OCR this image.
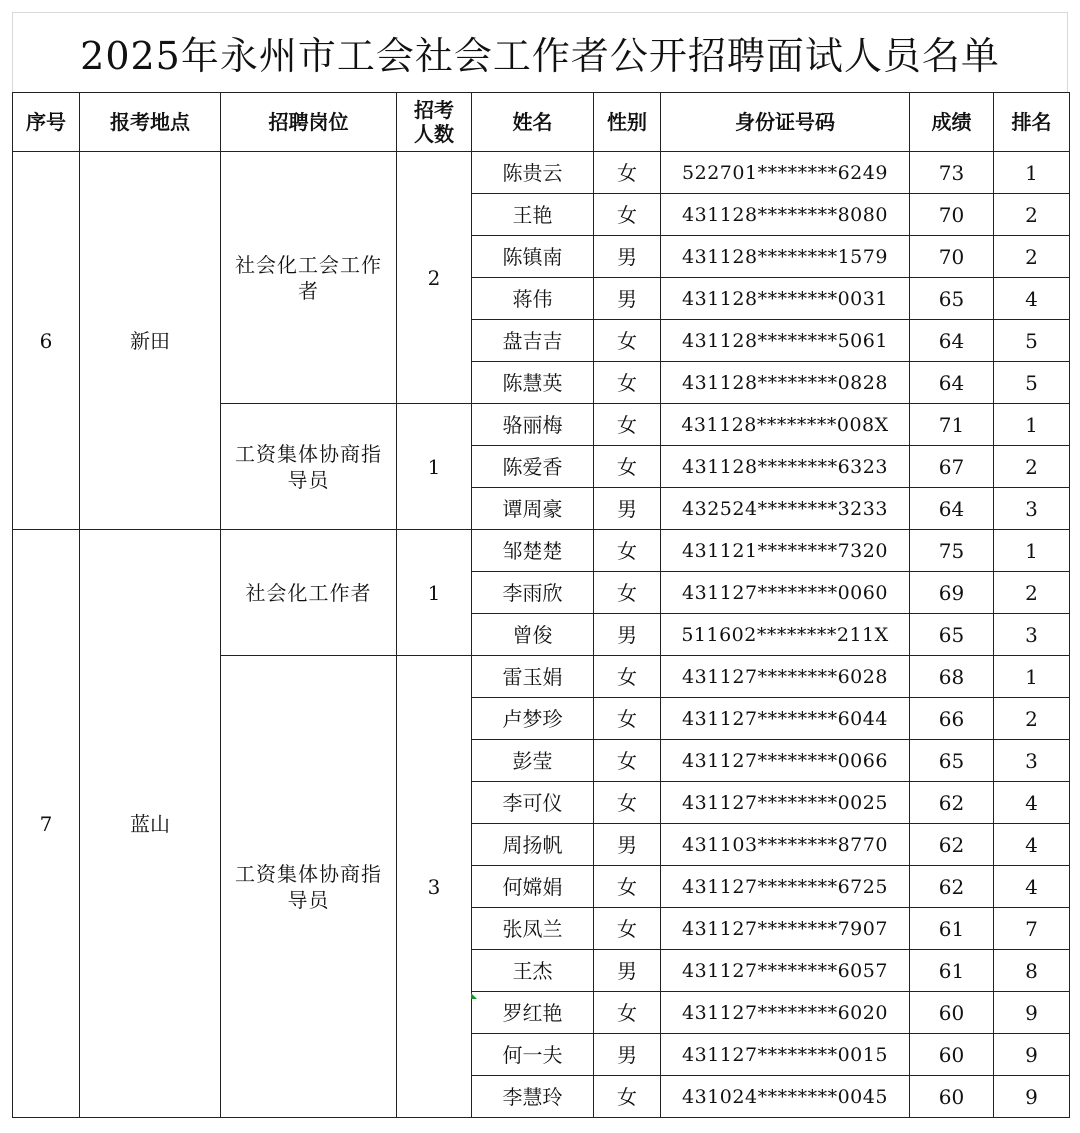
2025年永州市工会社会工作者公开招聘面试人员名单
序号	报考地点	招聘岗位	招考人数	姓名	性别	身份证号码	成绩	排名
6	新田	社会化工会工作者	2	陈贵云	女	522701********6249	73	1
				王艳	女	431128********8080	70	2
				陈镇南	男	431128********1579	70	2
				蒋伟	男	431128********0031	65	4
				盘吉吉	女	431128********5061	64	5
				陈慧英	女	431128********0828	64	5
		工资集体协商指导员	1	骆丽梅	女	431128********008X	71	1
				陈爱香	女	431128********6323	67	2
				谭周豪	男	432524********3233	64	3
7	蓝山	社会化工作者	1	邹楚楚	女	431121********7320	75	1
				李雨欣	女	431127********0060	69	2
				曾俊	男	511602********211X	65	3
		工资集体协商指导员	3	雷玉娟	女	431127********6028	68	1
				卢梦珍	女	431127********6044	66	2
				彭莹	女	431127********0066	65	3
				李可仪	女	431127********0025	62	4
				周扬帆	男	431103********8770	62	4
				何嫦娟	女	431127********6725	62	4
				张凤兰	女	431127********7907	61	7
				王杰	男	431127********6057	61	8
				罗红艳	女	431127********6020	60	9
				何一夫	男	431127********0015	60	9
				李慧玲	女	431024********0045	60	9
